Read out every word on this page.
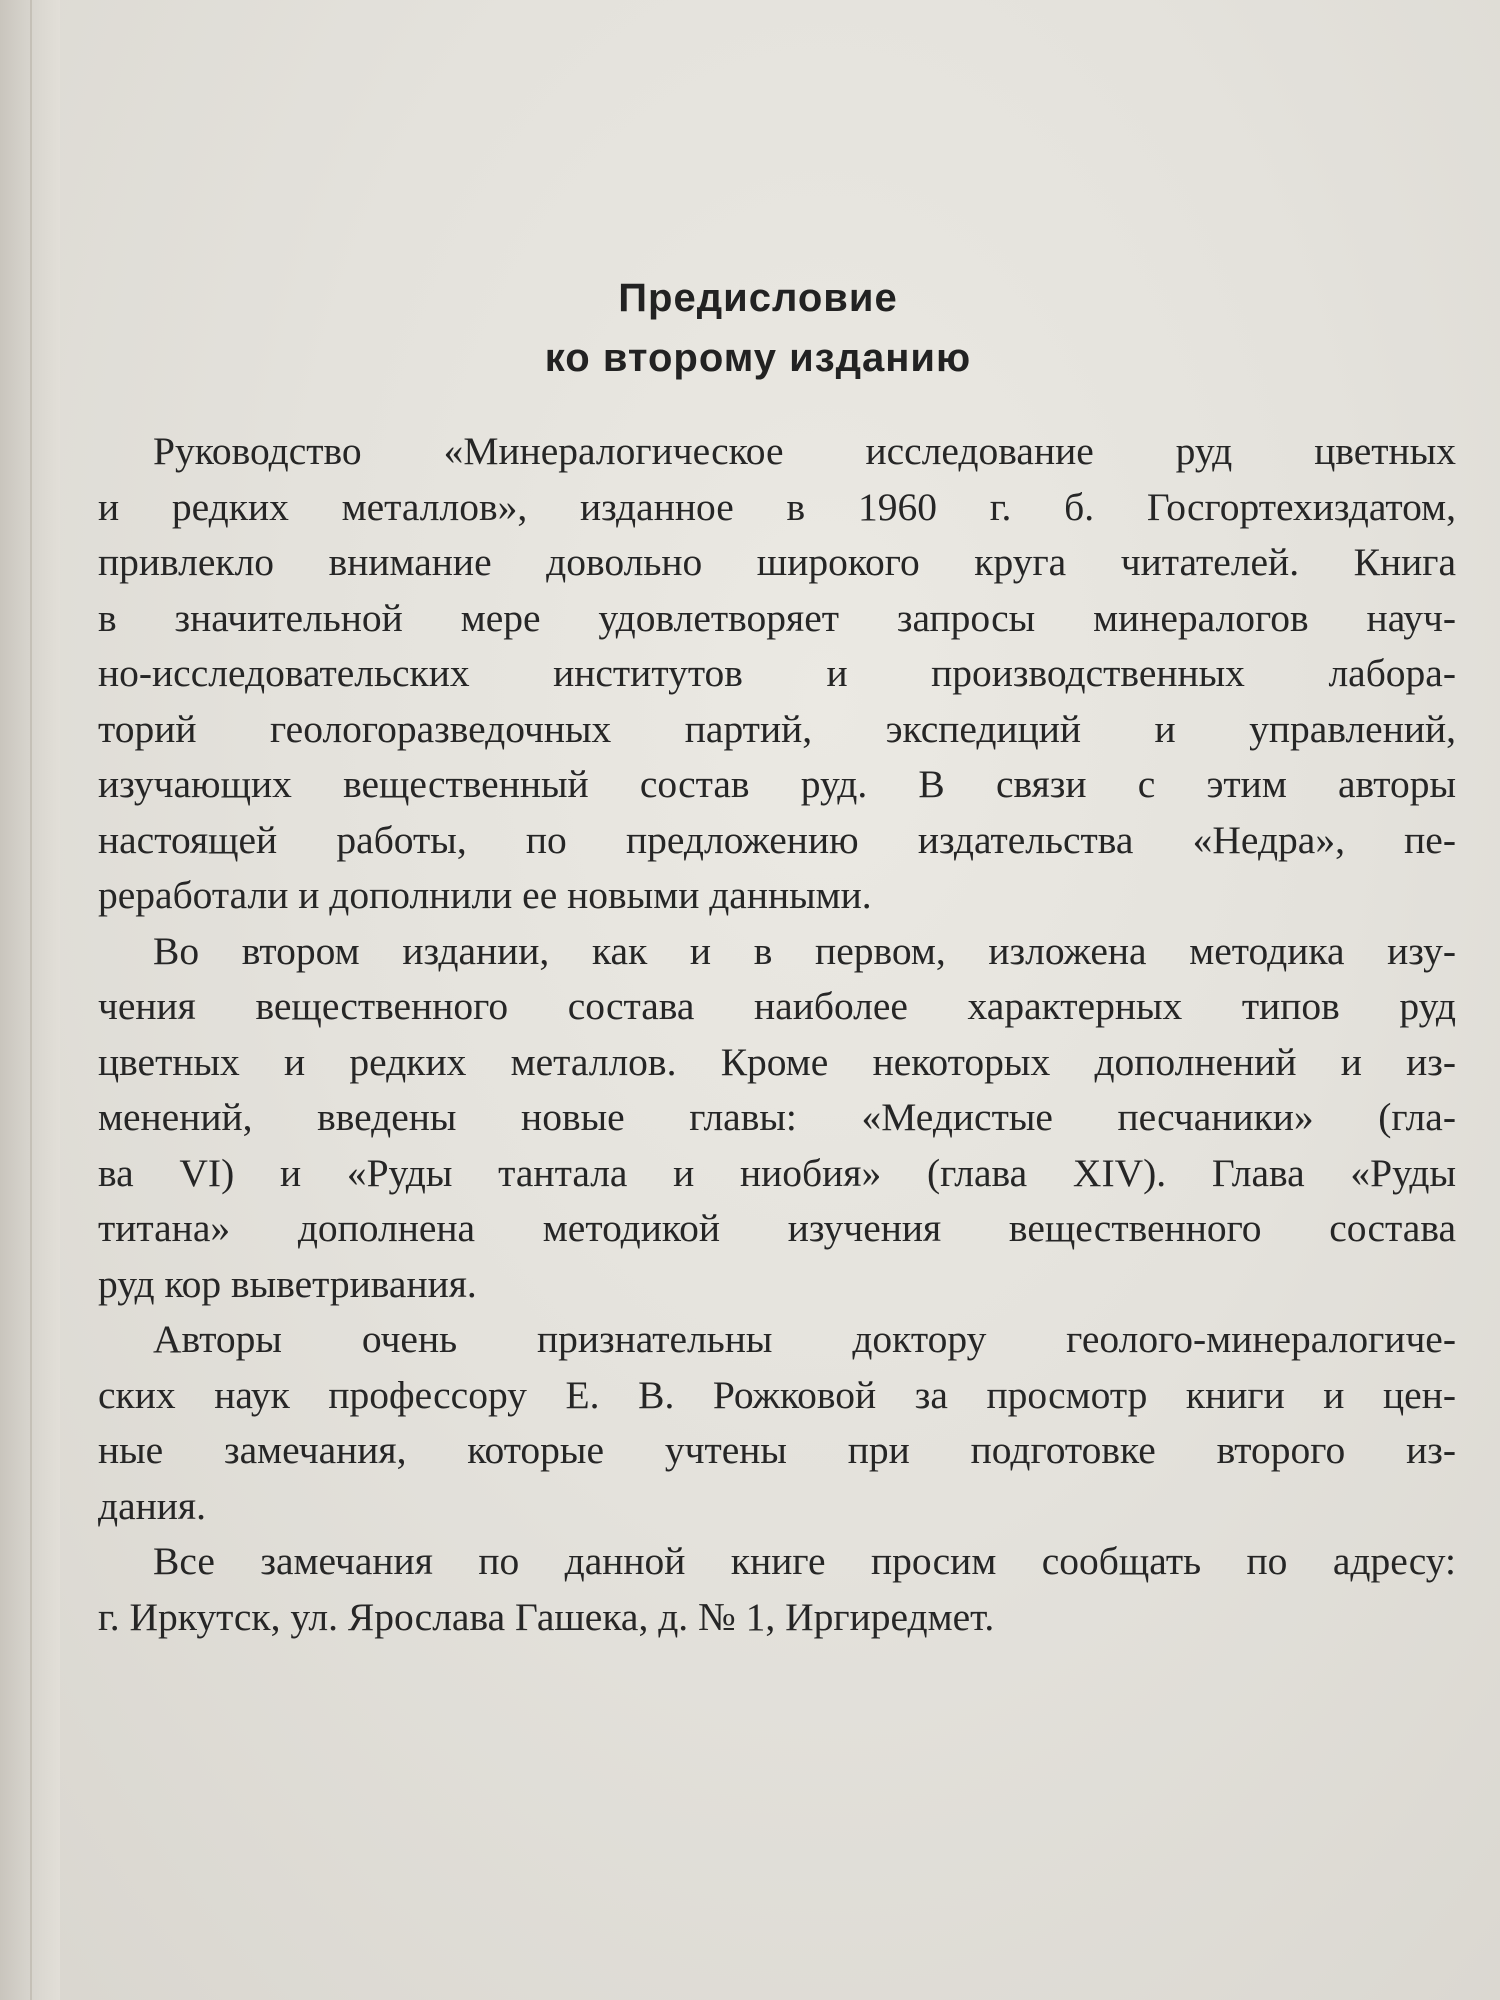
Предисловие
ко второму изданию

Руководство «Минералогическое исследование руд цветных
и редких металлов», изданное в 1960 г. б. Госгортехиздатом,
привлекло внимание довольно широкого круга читателей. Книга
в значительной мере удовлетворяет запросы минералогов науч-
но-исследовательских институтов и производственных лабора-
торий геологоразведочных партий, экспедиций и управлений,
изучающих вещественный состав руд. В связи с этим авторы
настоящей работы, по предложению издательства «Недра», пе-
реработали и дополнили ее новыми данными.

Во втором издании, как и в первом, изложена методика изу-
чения вещественного состава наиболее характерных типов руд
цветных и редких металлов. Кроме некоторых дополнений и из-
менений, введены новые главы: «Медистые песчаники» (гла-
ва VI) и «Руды тантала и ниобия» (глава XIV). Глава «Руды
титана» дополнена методикой изучения вещественного состава
руд кор выветривания.

Авторы очень признательны доктору геолого-минералогиче-
ских наук профессору Е. В. Рожковой за просмотр книги и цен-
ные замечания, которые учтены при подготовке второго из-
дания.

Все замечания по данной книге просим сообщать по адресу:
г. Иркутск, ул. Ярослава Гашека, д. № 1, Иргиредмет.
